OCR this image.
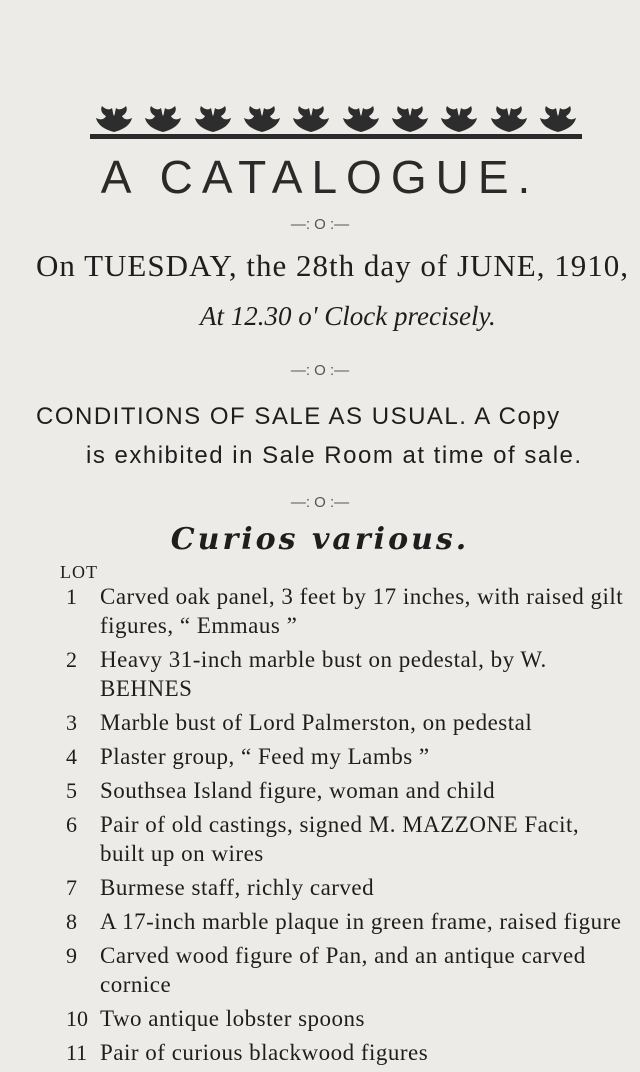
A CATALOGUE.
—: O :—
On TUESDAY, the 28th day of JUNE, 1910,
At 12.30 o' Clock precisely.
—: O :—
CONDITIONS OF SALE AS USUAL. A Copy
is exhibited in Sale Room at time of sale.
—: O :—
Curios various.
LOT
1	Carved oak panel, 3 feet by 17 inches, with raised gilt figures, “ Emmaus ”
2	Heavy 31-inch marble bust on pedestal, by W. BEHNES
3	Marble bust of Lord Palmerston, on pedestal
4	Plaster group, “ Feed my Lambs ”
5	Southsea Island figure, woman and child
6	Pair of old castings, signed M. MAZZONE Facit, built up on wires
7	Burmese staff, richly carved
8	A 17-inch marble plaque in green frame, raised figure
9	Carved wood figure of Pan, and an antique carved cornice
10 Two antique lobster spoons
11 Pair of curious blackwood figures
